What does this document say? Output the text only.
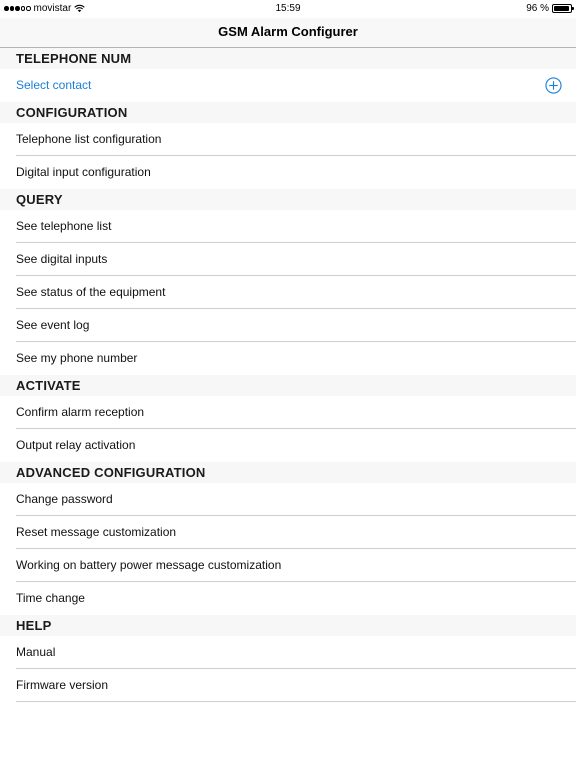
movistar	15:59	96 %
GSM Alarm Configurer
TELEPHONE NUM
Select contact
CONFIGURATION
Telephone list configuration
Digital input configuration
QUERY
See telephone list
See digital inputs
See status of the equipment
See event log
See my phone number
ACTIVATE
Confirm alarm reception
Output relay activation
ADVANCED CONFIGURATION
Change password
Reset message customization
Working on battery power message customization
Time change
HELP
Manual
Firmware version
